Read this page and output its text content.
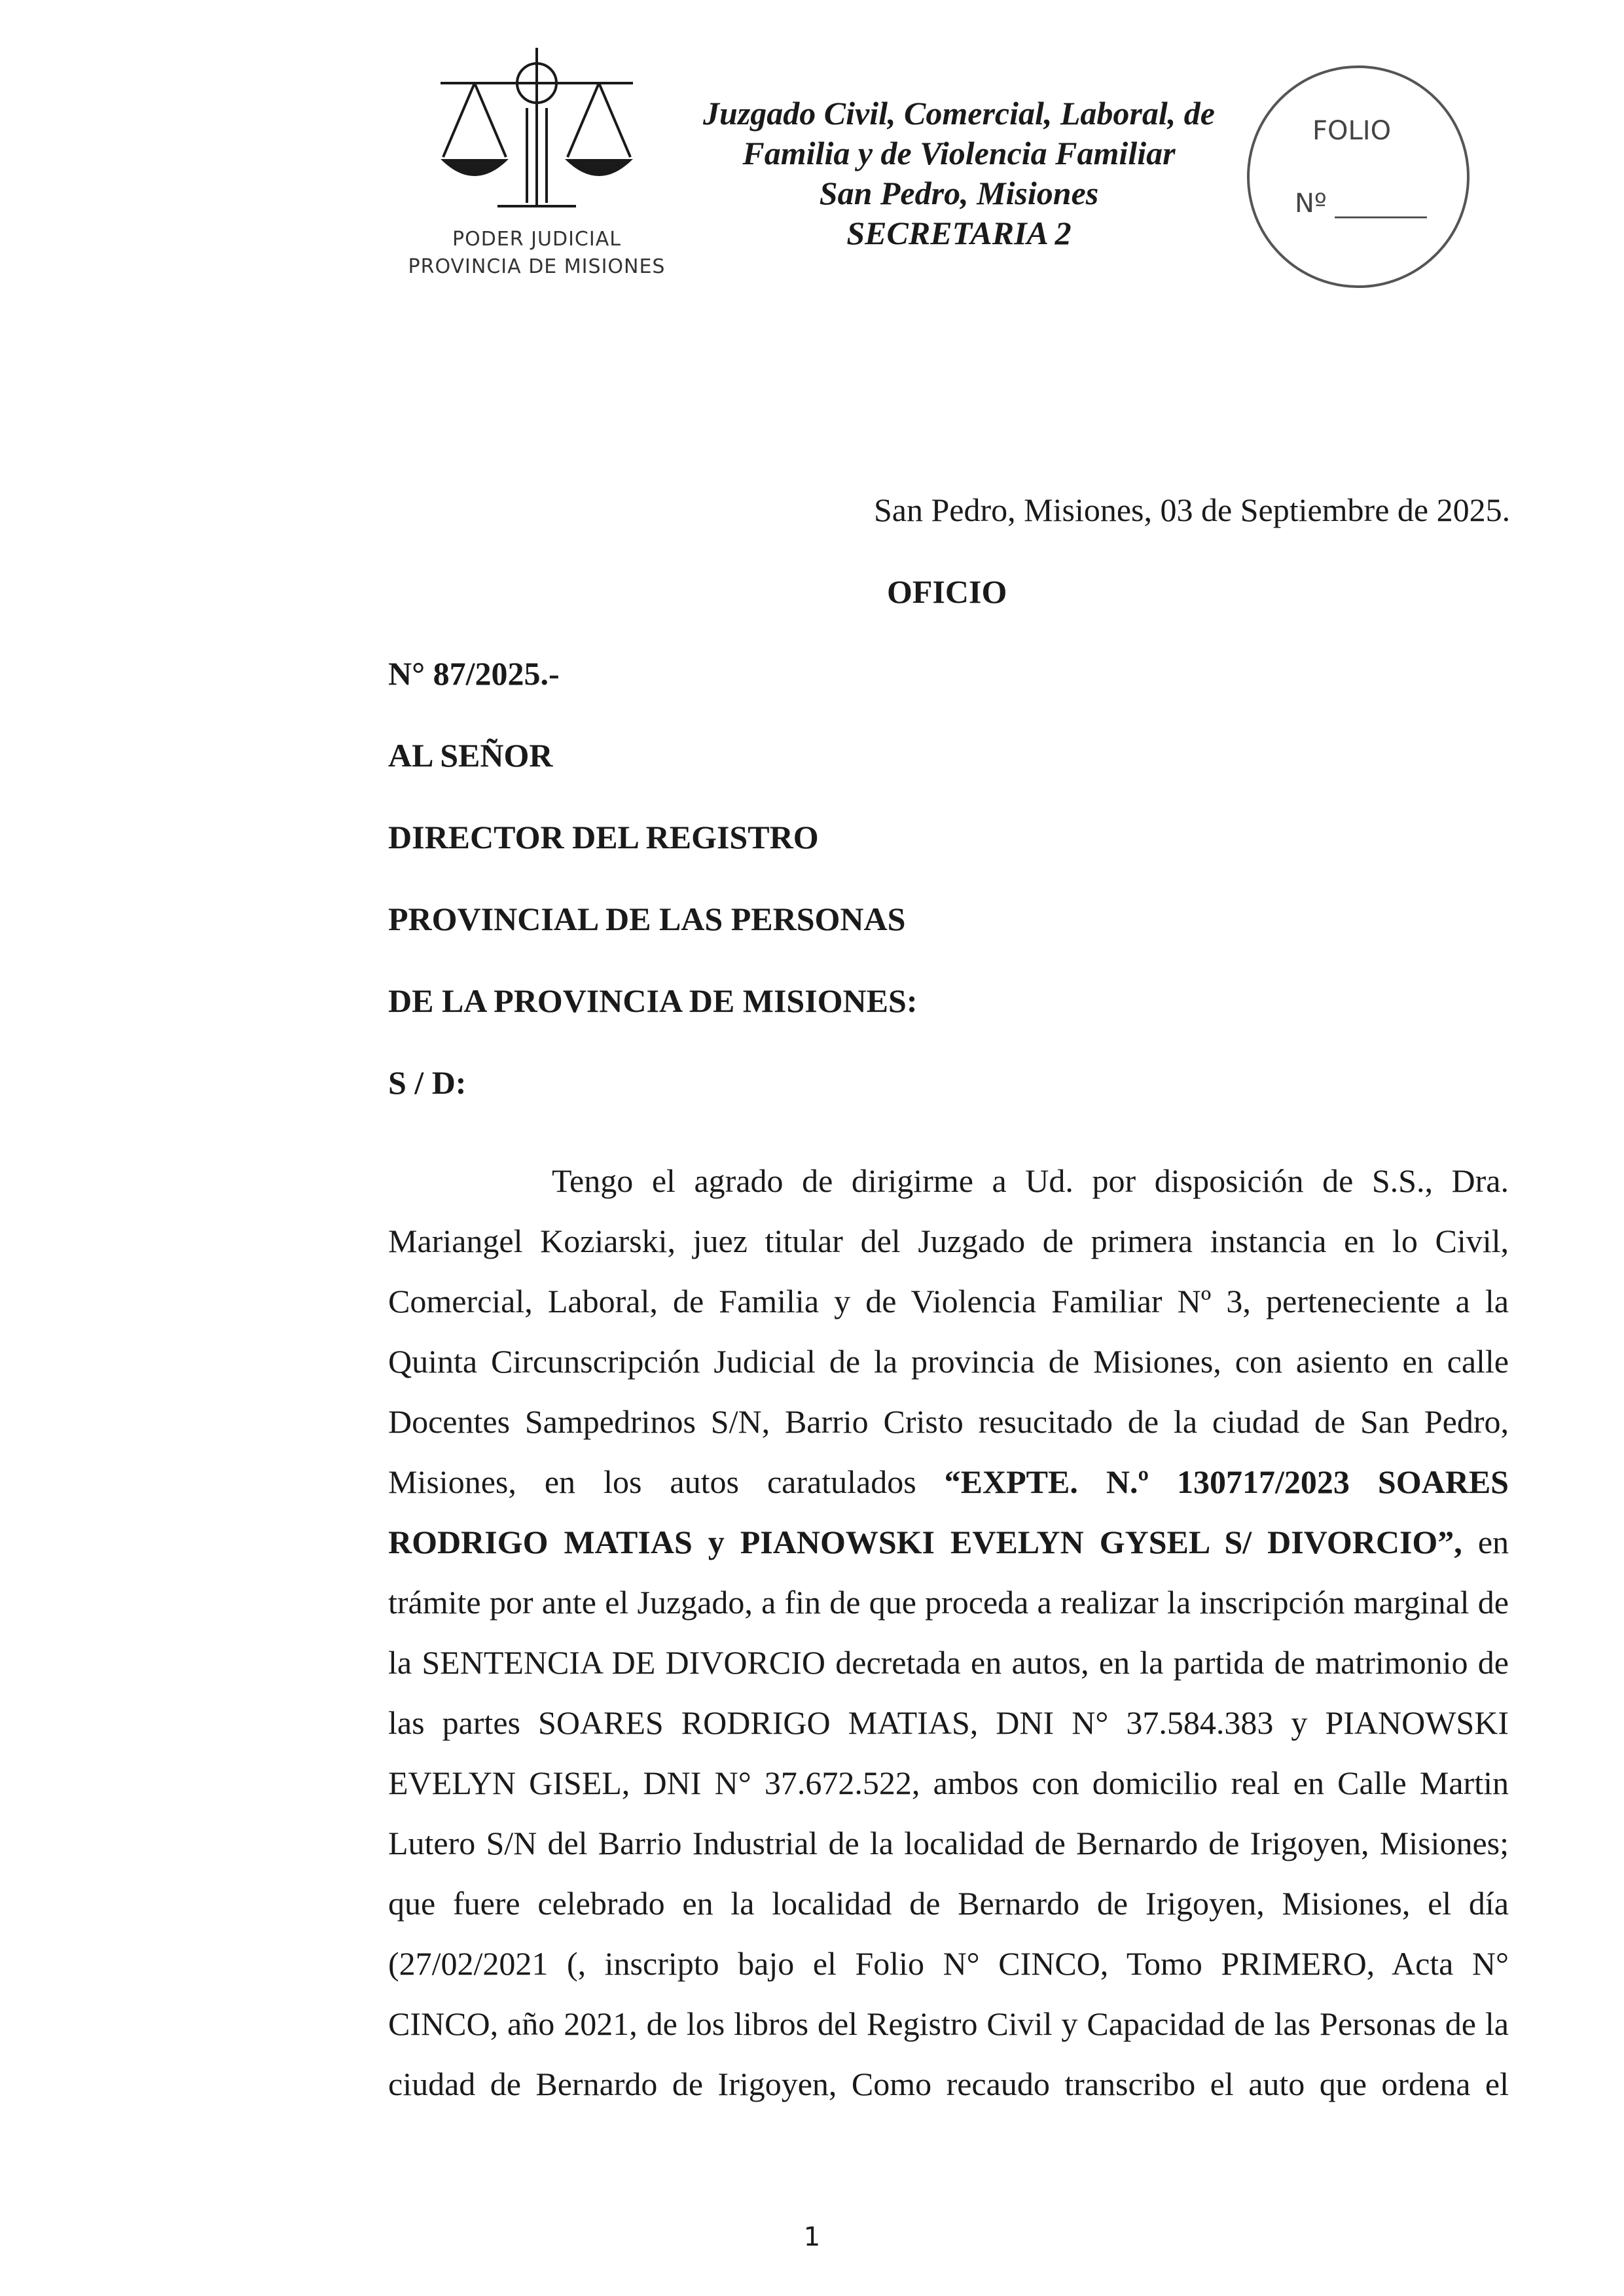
PODER JUDICIAL
PROVINCIA DE MISIONES
Juzgado Civil, Comercial, Laboral, de
Familia y de Violencia Familiar
San Pedro, Misiones
SECRETARIA 2
FOLIO
Nº _______
San Pedro, Misiones, 03 de Septiembre de 2025.
OFICIO
N° 87/2025.-
AL SEÑOR
DIRECTOR DEL REGISTRO
PROVINCIAL DE LAS PERSONAS
DE LA PROVINCIA DE MISIONES:
S / D:

Tengo el agrado de dirigirme a Ud. por disposición de S.S., Dra.

Mariangel Koziarski, juez titular del Juzgado de primera instancia en lo Civil,

Comercial, Laboral, de Familia y de Violencia Familiar Nº 3, perteneciente a la

Quinta Circunscripción Judicial de la provincia de Misiones, con asiento en calle

Docentes Sampedrinos S/N, Barrio Cristo resucitado de la ciudad de San Pedro,

Misiones, en los autos caratulados “EXPTE. N.º 130717/2023 SOARES

RODRIGO MATIAS y PIANOWSKI EVELYN GYSEL S/ DIVORCIO”, en

trámite por ante el Juzgado, a fin de que proceda a realizar la inscripción marginal de

la SENTENCIA DE DIVORCIO decretada en autos, en la partida de matrimonio de

las partes SOARES RODRIGO MATIAS, DNI N° 37.584.383 y PIANOWSKI

EVELYN GISEL, DNI N° 37.672.522, ambos con domicilio real en Calle Martin

Lutero S/N del Barrio Industrial de la localidad de Bernardo de Irigoyen, Misiones;

que fuere celebrado en la localidad de Bernardo de Irigoyen, Misiones, el día

(27/02/2021 (, inscripto bajo el Folio N° CINCO, Tomo PRIMERO, Acta N°

CINCO, año 2021, de los libros del Registro Civil y Capacidad de las Personas de la

ciudad de Bernardo de Irigoyen, Como recaudo transcribo el auto que ordena el

1
